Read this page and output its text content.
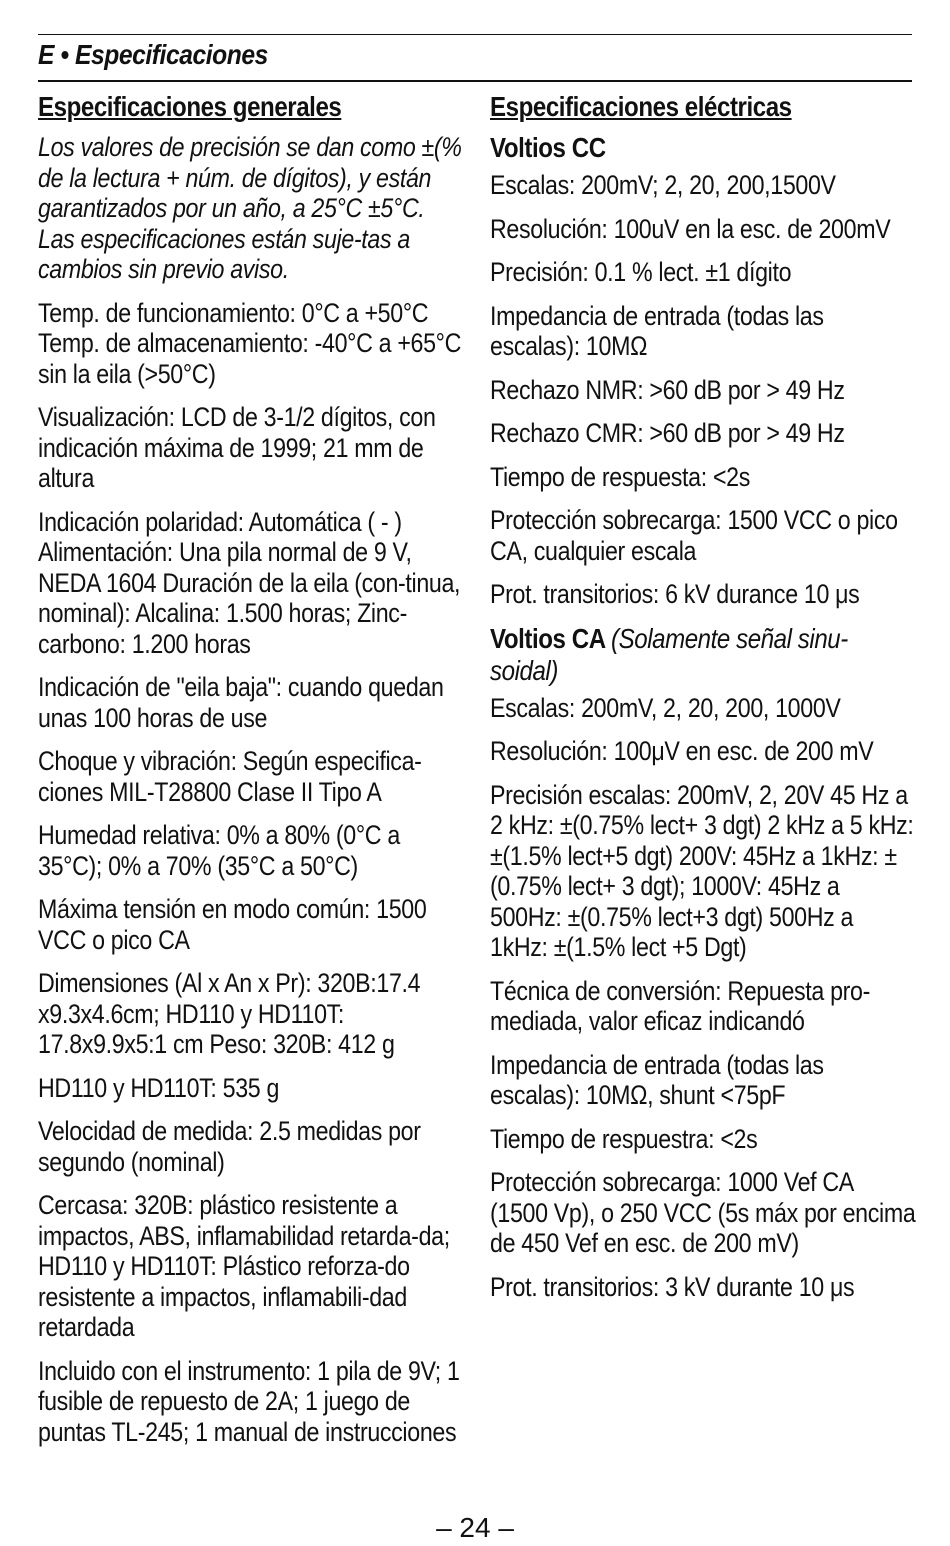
E • Especificaciones
Especificaciones generales

Los valores de precisión se dan como ±(% de la lectura + núm. de dígitos), y están garantizados por un año, a 25°C ±5°C. Las especificaciones están suje-tas a cambios sin previo aviso.

Temp. de funcionamiento: 0°C a +50°C Temp. de almacenamiento: -40°C a +65°C sin la eila (>50°C)

Visualización: LCD de 3-1/2 dígitos, con indicación máxima de 1999; 21 mm de altura

Indicación polaridad: Automática ( - ) Alimentación: Una pila normal de 9 V, NEDA 1604 Duración de la eila (con-tinua, nominal): Alcalina: 1.500 horas; Zinc-carbono: 1.200 horas

Indicación de "eila baja": cuando quedan unas 100 horas de use

Choque y vibración: Según especifica-ciones MIL-T28800 Clase II Tipo A

Humedad relativa: 0% a 80% (0°C a 35°C); 0% a 70% (35°C a 50°C)

Máxima tensión en modo común: 1500 VCC o pico CA

Dimensiones (Al x An x Pr): 320B:17.4 x9.3x4.6cm; HD110 y HD110T: 17.8x9.9x5:1 cm Peso: 320B: 412 g

HD110 y HD110T: 535 g

Velocidad de medida: 2.5 medidas por segundo (nominal)

Cercasa: 320B: plástico resistente a impactos, ABS, inflamabilidad retarda-da; HD110 y HD110T: Plástico reforza-do resistente a impactos, inflamabili-dad retardada

Incluido con el instrumento: 1 pila de 9V; 1 fusible de repuesto de 2A; 1 juego de puntas TL-245; 1 manual de instrucciones

Especificaciones eléctricas
Voltios CC

Escalas: 200mV; 2, 20, 200,1500V

Resolución: 100uV en la esc. de 200mV

Precisión: 0.1 % lect. ±1 dígito

Impedancia de entrada (todas las escalas): 10MΩ

Rechazo NMR: >60 dB por > 49 Hz

Rechazo CMR: >60 dB por > 49 Hz

Tiempo de respuesta: <2s

Protección sobrecarga: 1500 VCC o pico CA, cualquier escala

Prot. transitorios: 6 kV durance 10 μs

Voltios CA (Solamente señal sinu-soidal)

Escalas: 200mV, 2, 20, 200, 1000V

Resolución: 100μV en esc. de 200 mV

Precisión escalas: 200mV, 2, 20V 45 Hz a 2 kHz: ±(0.75% lect+ 3 dgt) 2 kHz a 5 kHz: ±(1.5% lect+5 dgt) 200V: 45Hz a 1kHz: ±(0.75% lect+ 3 dgt); 1000V: 45Hz a 500Hz: ±(0.75% lect+3 dgt) 500Hz a 1kHz: ±(1.5% lect +5 Dgt)

Técnica de conversión: Repuesta pro-mediada, valor eficaz indicandó

Impedancia de entrada (todas las escalas): 10MΩ, shunt <75pF

Tiempo de respuestra: <2s

Protección sobrecarga: 1000 Vef CA (1500 Vp), o 250 VCC (5s máx por encima de 450 Vef en esc. de 200 mV)

Prot. transitorios: 3 kV durante 10 μs

– 24 –
